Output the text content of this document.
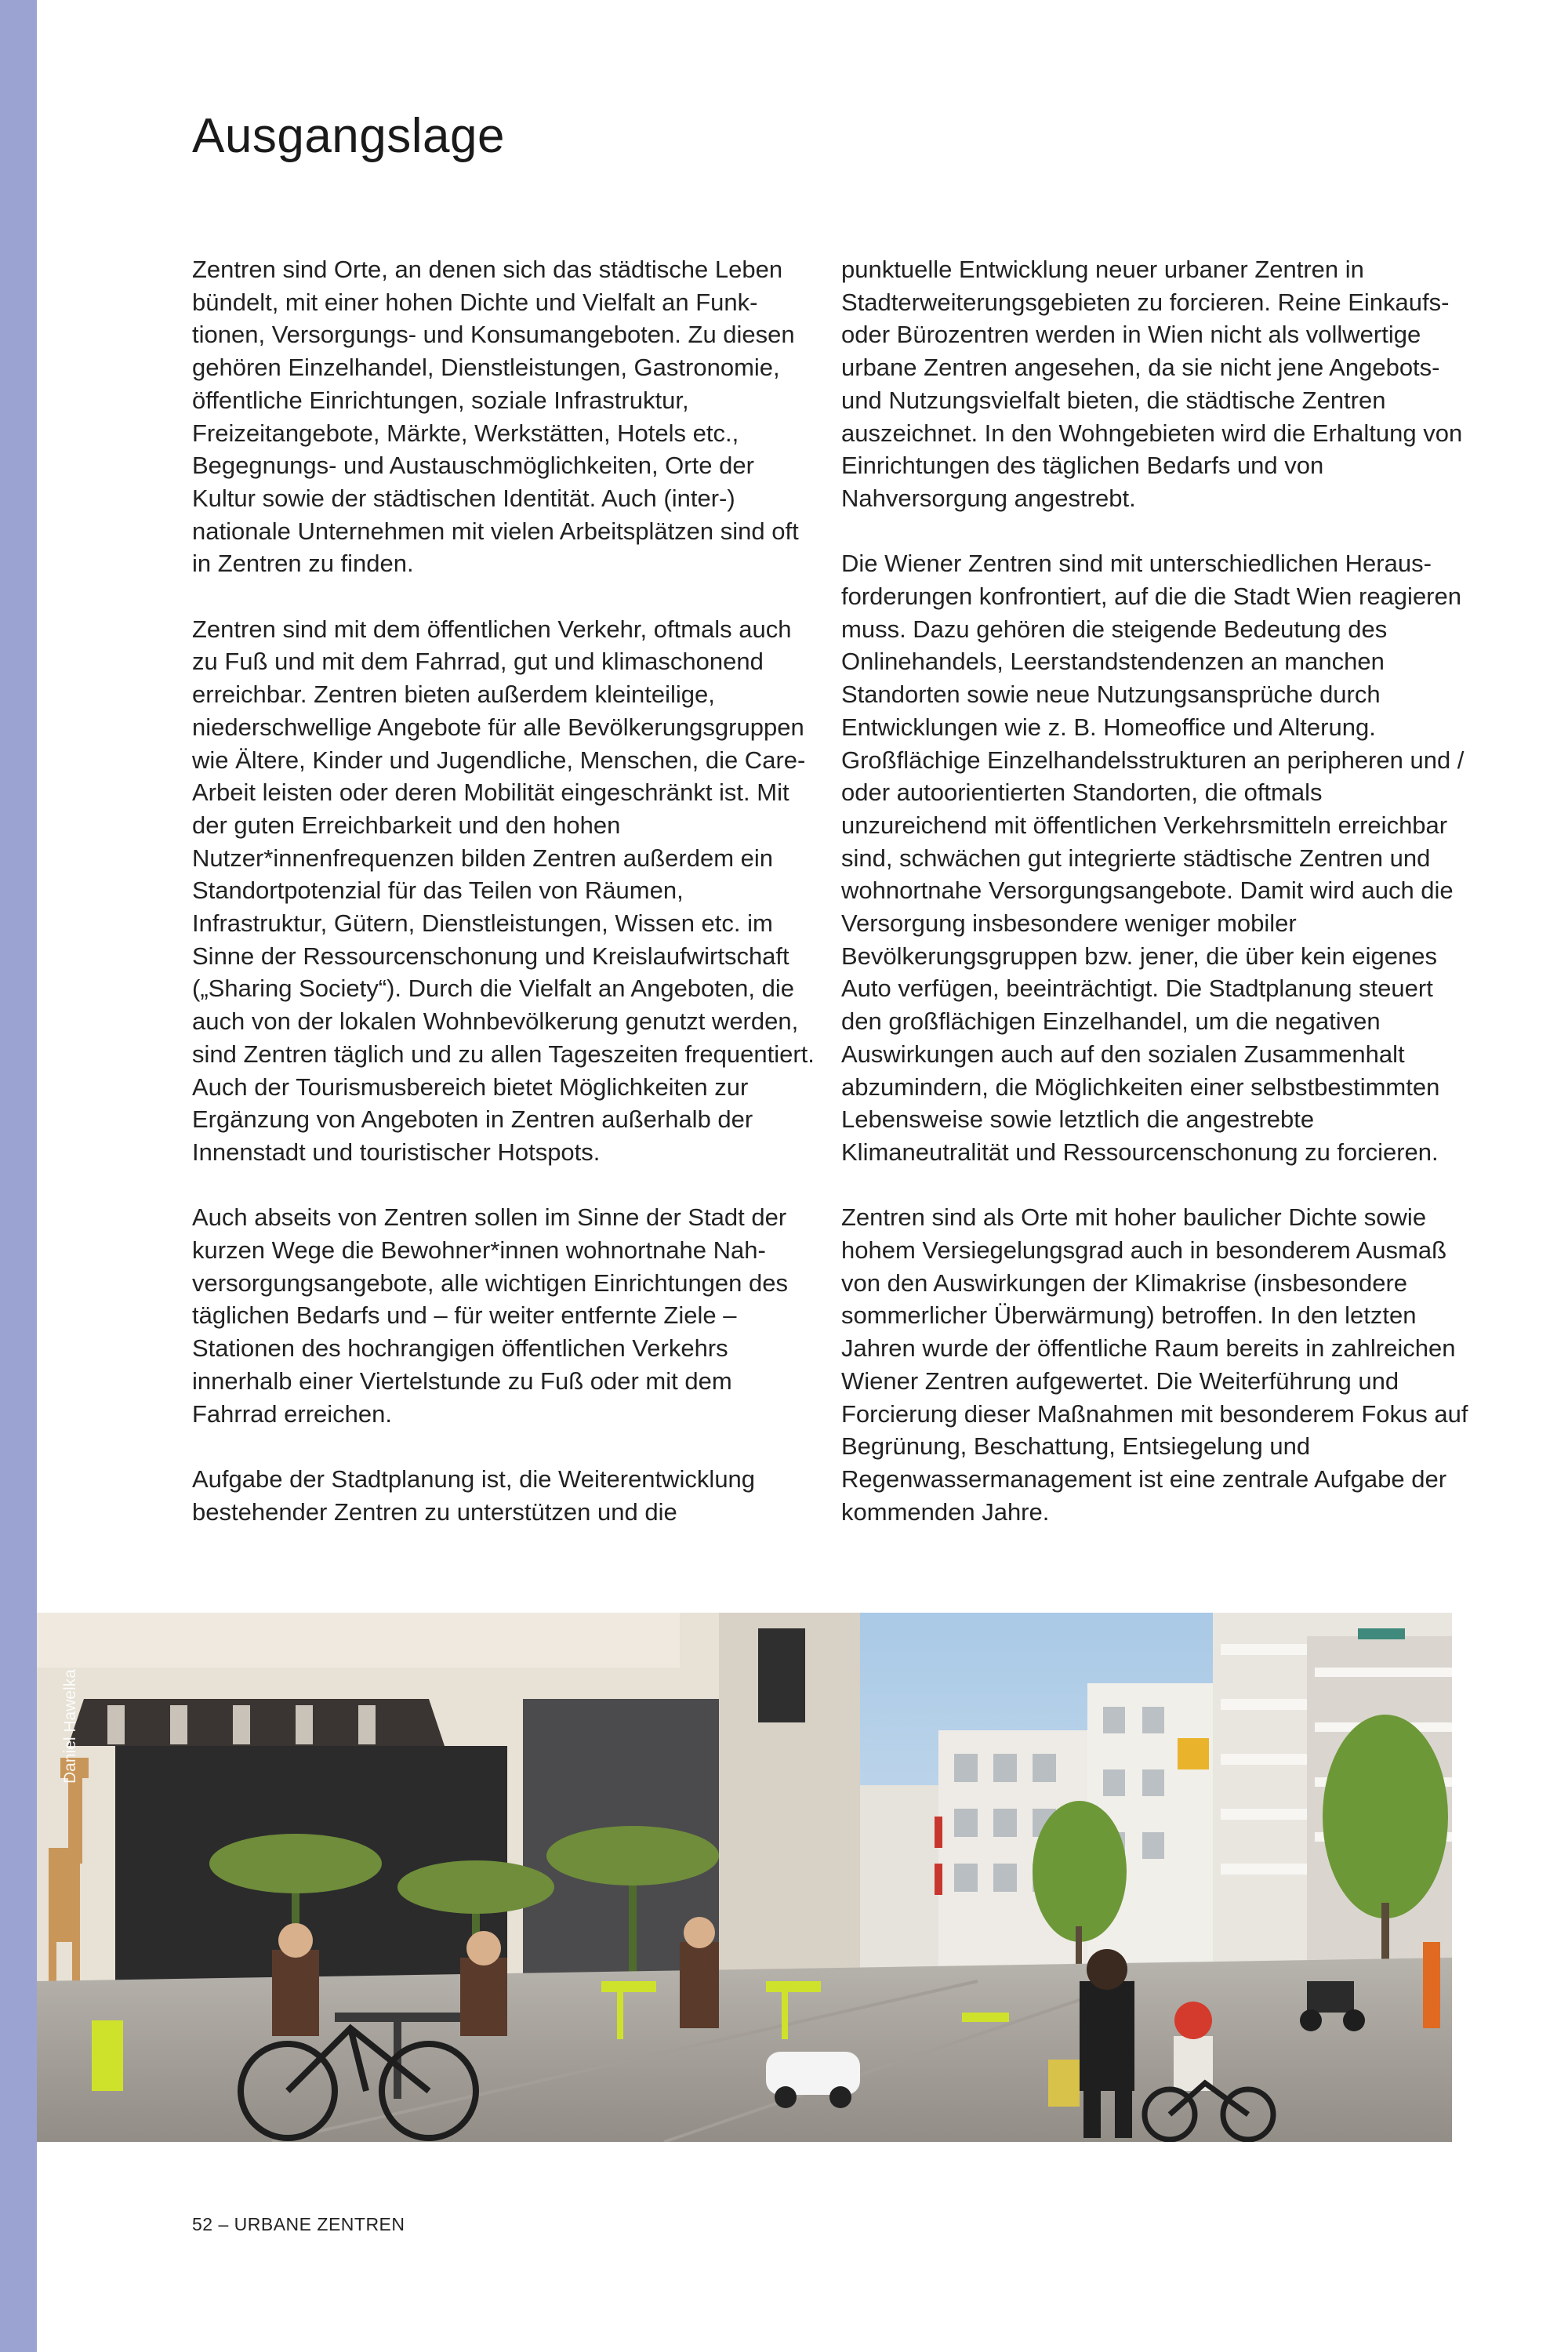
Ausgangslage

Zentren sind Orte, an denen sich das städtische Leben bündelt, mit einer hohen Dichte und Vielfalt an Funktionen, Versorgungs- und Konsumangeboten. Zu diesen gehören Einzelhandel, Dienstleistungen, Gastronomie, öffentliche Einrichtungen, soziale Infrastruktur, Freizeitangebote, Märkte, Werkstätten, Hotels etc., Begegnungs- und Austauschmöglichkeiten, Orte der Kultur sowie der städtischen Identität. Auch (inter-) nationale Unternehmen mit vielen Arbeitsplätzen sind oft in Zentren zu finden.

Zentren sind mit dem öffentlichen Verkehr, oftmals auch zu Fuß und mit dem Fahrrad, gut und klimaschonend erreichbar. Zentren bieten außerdem kleinteilige, niederschwellige Angebote für alle Bevölkerungsgruppen wie Ältere, Kinder und Jugendliche, Menschen, die Care-Arbeit leisten oder deren Mobilität eingeschränkt ist. Mit der guten Erreichbarkeit und den hohen Nutzer*innenfrequenzen bilden Zentren außerdem ein Standortpotenzial für das Teilen von Räumen, Infrastruktur, Gütern, Dienstleistungen, Wissen etc. im Sinne der Ressourcenschonung und Kreislaufwirtschaft („Sharing Society“). Durch die Vielfalt an Angeboten, die auch von der lokalen Wohnbevölkerung genutzt werden, sind Zentren täglich und zu allen Tageszeiten frequentiert. Auch der Tourismusbereich bietet Möglichkeiten zur Ergänzung von Angeboten in Zentren außerhalb der Innenstadt und touristischer Hotspots.

Auch abseits von Zentren sollen im Sinne der Stadt der kurzen Wege die Bewohner*innen wohnortnahe Nahversorgungsangebote, alle wichtigen Einrichtungen des täglichen Bedarfs und – für weiter entfernte Ziele – Stationen des hochrangigen öffentlichen Verkehrs innerhalb einer Viertelstunde zu Fuß oder mit dem Fahrrad erreichen.

Aufgabe der Stadtplanung ist, die Weiterentwicklung bestehender Zentren zu unterstützen und die

punktuelle Entwicklung neuer urbaner Zentren in Stadterweiterungsgebieten zu forcieren. Reine Einkaufs- oder Bürozentren werden in Wien nicht als vollwertige urbane Zentren angesehen, da sie nicht jene Angebots- und Nutzungsvielfalt bieten, die städtische Zentren auszeichnet. In den Wohngebieten wird die Erhaltung von Einrichtungen des täglichen Bedarfs und von Nahversorgung angestrebt.

Die Wiener Zentren sind mit unterschiedlichen Herausforderungen konfrontiert, auf die die Stadt Wien reagieren muss. Dazu gehören die steigende Bedeutung des Onlinehandels, Leerstandstendenzen an manchen Standorten sowie neue Nutzungsansprüche durch Entwicklungen wie z. B. Homeoffice und Alterung. Großflächige Einzelhandelsstrukturen an peripheren und / oder autoorientierten Standorten, die oftmals unzureichend mit öffentlichen Verkehrsmitteln erreichbar sind, schwächen gut integrierte städtische Zentren und wohnortnahe Versorgungsangebote. Damit wird auch die Versorgung insbesondere weniger mobiler Bevölkerungsgruppen bzw. jener, die über kein eigenes Auto verfügen, beeinträchtigt. Die Stadtplanung steuert den großflächigen Einzelhandel, um die negativen Auswirkungen auch auf den sozialen Zusammenhalt abzumindern, die Möglichkeiten einer selbstbestimmten Lebensweise sowie letztlich die angestrebte Klimaneutralität und Ressourcenschonung zu forcieren.

Zentren sind als Orte mit hoher baulicher Dichte sowie hohem Versiegelungsgrad auch in besonderem Ausmaß von den Auswirkungen der Klimakrise (insbesondere sommerlicher Überwärmung) betroffen. In den letzten Jahren wurde der öffentliche Raum bereits in zahlreichen Wiener Zentren aufgewertet. Die Weiterführung und Forcierung dieser Maßnahmen mit besonderem Fokus auf Begrünung, Beschattung, Entsiegelung und Regenwassermanagement ist eine zentrale Aufgabe der kommenden Jahre.

Daniel Hawelka
52 – URBANE ZENTREN
